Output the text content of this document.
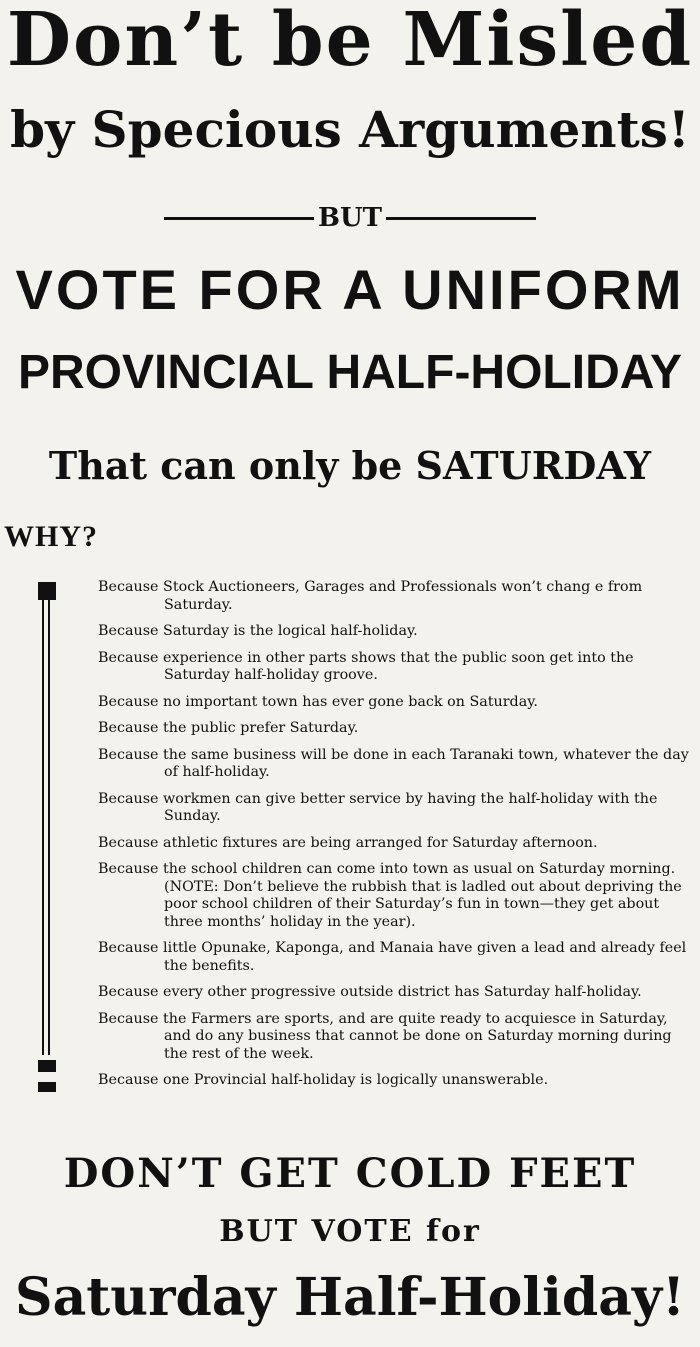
Don’t be Misled
by Specious Arguments!
BUT
VOTE FOR A UNIFORM
PROVINCIAL HALF-HOLIDAY
That can only be SATURDAY
WHY?
Because Stock Auctioneers, Garages and Professionals won’t chang e from Saturday.
Because Saturday is the logical half-holiday.
Because experience in other parts shows that the public soon get into the Saturday half-holiday groove.
Because no important town has ever gone back on Saturday.
Because the public prefer Saturday.
Because the same business will be done in each Taranaki town, whatever the day of half-holiday.
Because workmen can give better service by having the half-holiday with the Sunday.
Because athletic fixtures are being arranged for Saturday afternoon.
Because the school children can come into town as usual on Saturday morning. (NOTE: Don’t believe the rubbish that is ladled out about depriving the poor school children of their Saturday’s fun in town—they get about three months’ holiday in the year).
Because little Opunake, Kaponga, and Manaia have given a lead and already feel the benefits.
Because every other progressive outside district has Saturday half-holiday.
Because the Farmers are sports, and are quite ready to acquiesce in Saturday, and do any business that cannot be done on Saturday morning during the rest of the week.
Because one Provincial half-holiday is logically unanswerable.
DON’T GET COLD FEET
BUT VOTE for
Saturday Half-Holiday!
